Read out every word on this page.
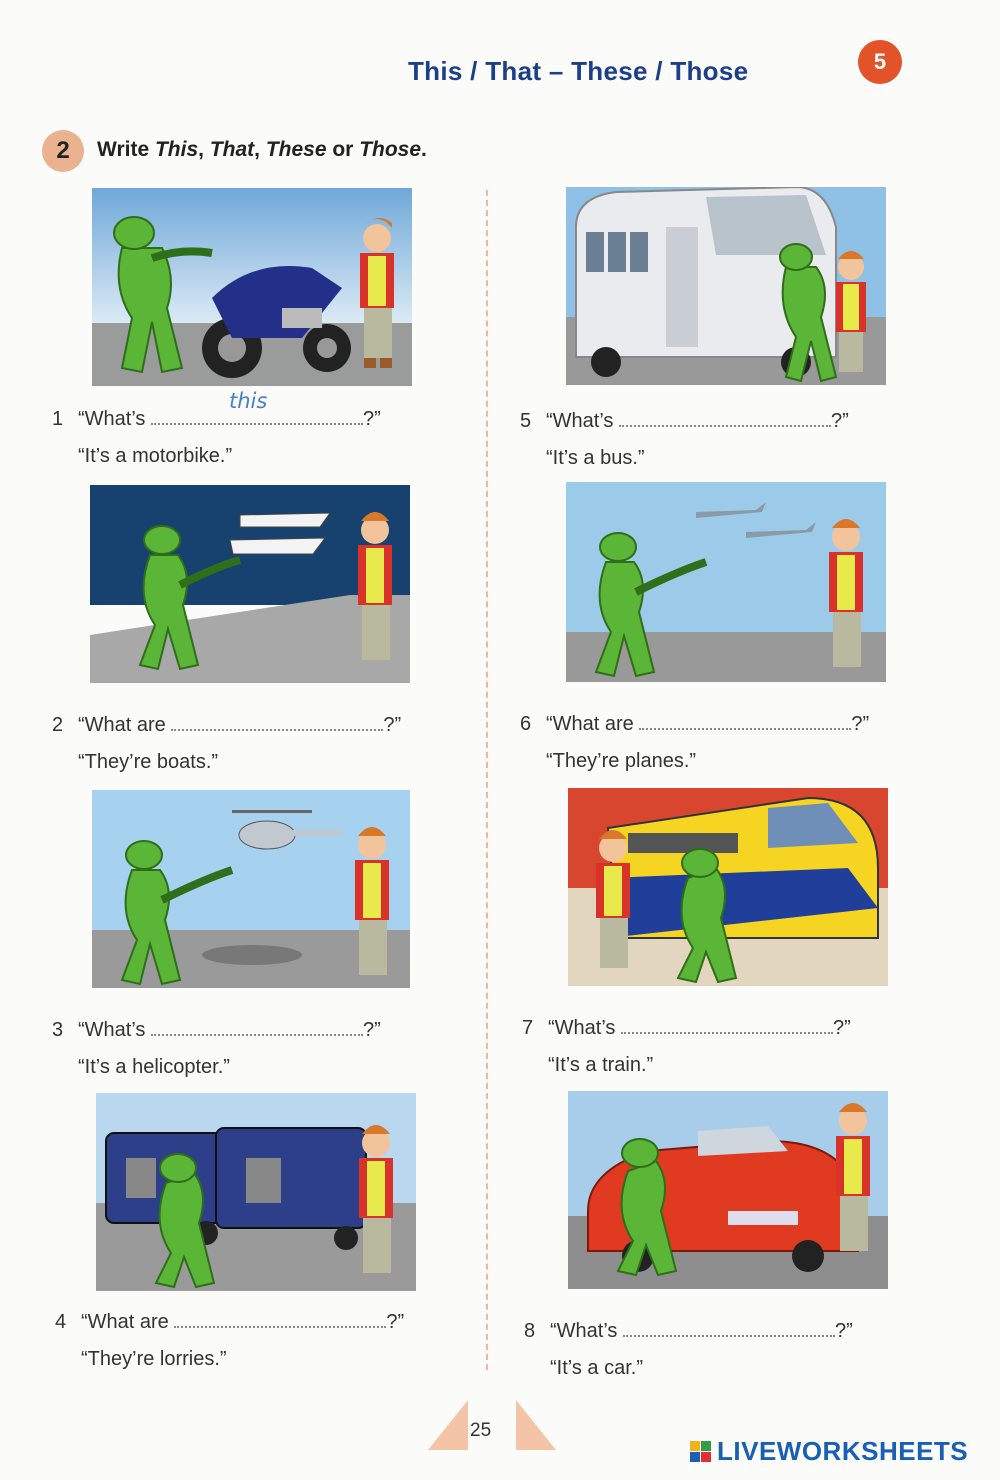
This / That – These / Those	5
2	Write This, That, These or Those.
1 “What’s
this
?”
“It’s a motorbike.”
5 “What’s	?”
“It’s a bus.”
2 “What are	?”
“They’re boats.”
6 “What are	?”
“They’re planes.”
3 “What’s	?”
“It’s a helicopter.”
7 “What’s	?”
“It’s a train.”
4 “What are	?”
“They’re lorries.”
8 “What’s	?”
“It’s a car.”
25
LIVEWORKSHEETS
